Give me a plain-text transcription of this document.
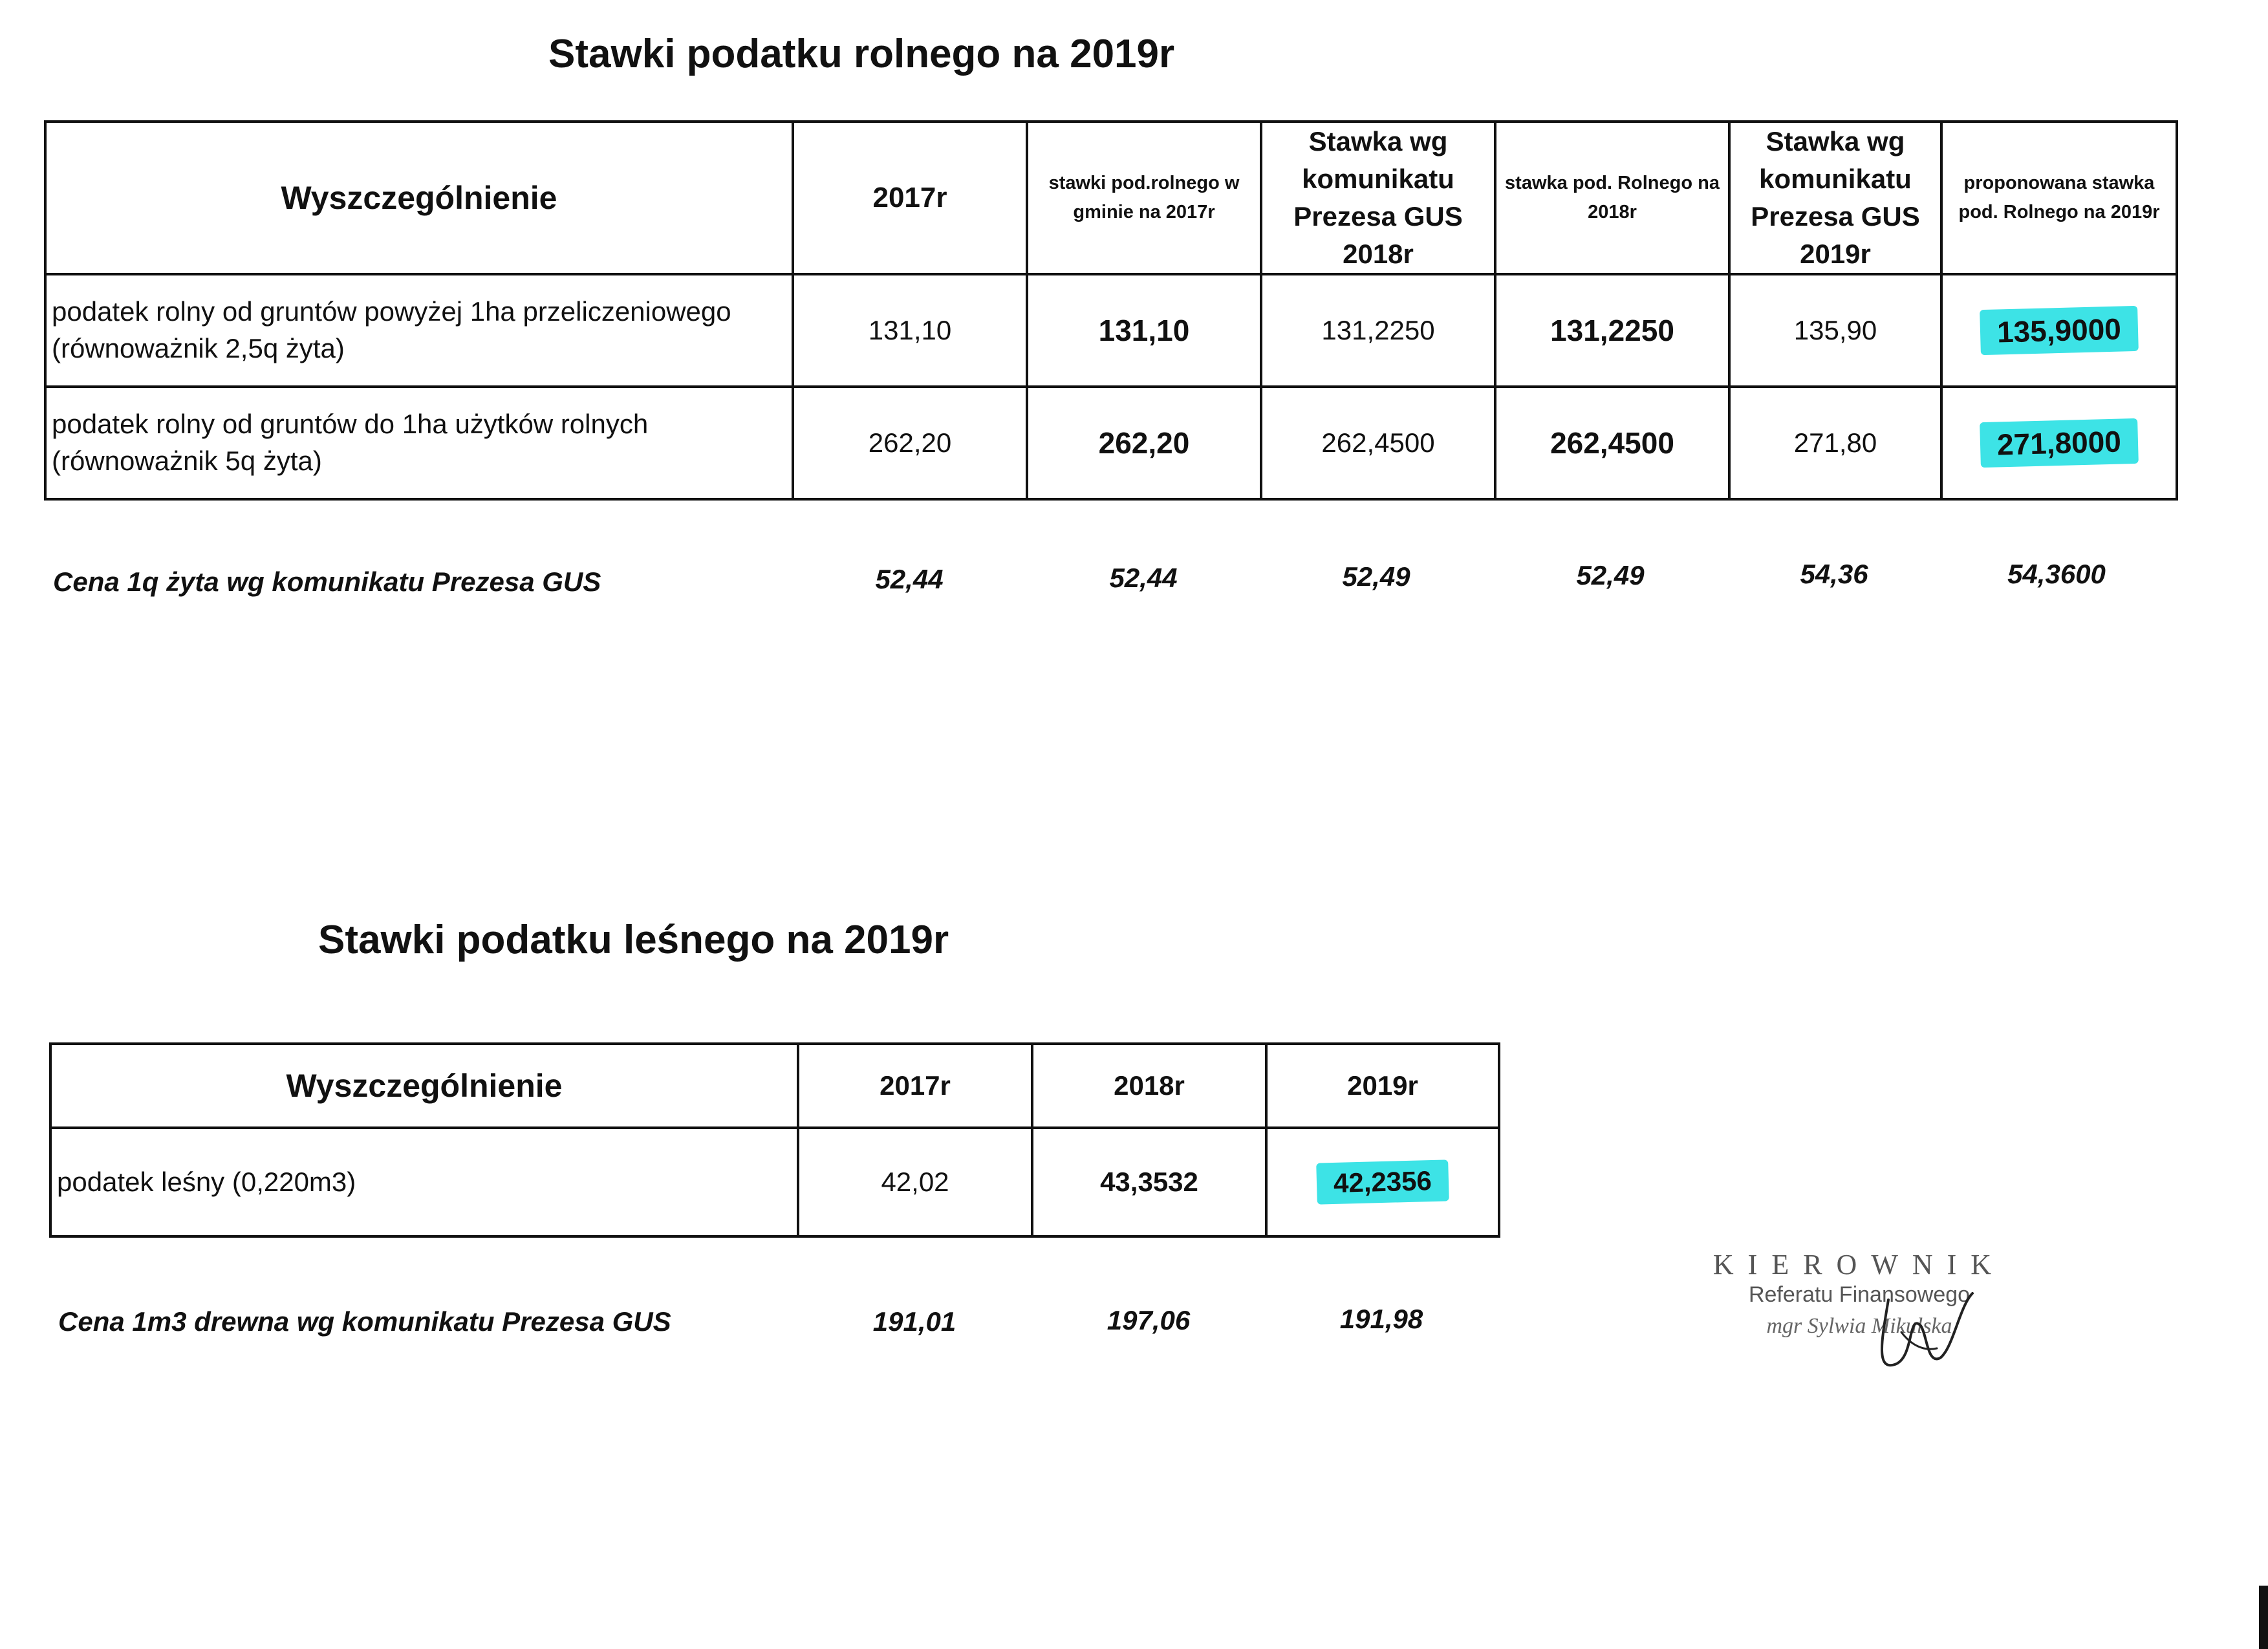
Stawki podatku rolnego na 2019r
Wyszczególnienie	2017r	stawki pod.rolnego w gminie na 2017r	Stawka wg komunikatu Prezesa GUS 2018r	stawka pod. Rolnego na 2018r	Stawka wg komunikatu Prezesa GUS 2019r	proponowana stawka pod. Rolnego na 2019r
podatek rolny od gruntów powyżej 1ha przeliczeniowego (równoważnik 2,5q żyta)	131,10	131,10	131,2250	131,2250	135,90	135,9000
podatek rolny od gruntów do 1ha użytków rolnych (równoważnik 5q żyta)	262,20	262,20	262,4500	262,4500	271,80	271,8000
Cena 1q żyta wg komunikatu Prezesa GUS	52,44	52,44	52,49	52,49	54,36	54,3600
Stawki podatku leśnego na 2019r
Wyszczególnienie	2017r	2018r	2019r
podatek leśny (0,220m3)	42,02	43,3532	42,2356
Cena 1m3 drewna wg komunikatu Prezesa GUS	191,01	197,06	191,98
KIEROWNIK
Referatu Finansowego
mgr Sylwia Mikulska
